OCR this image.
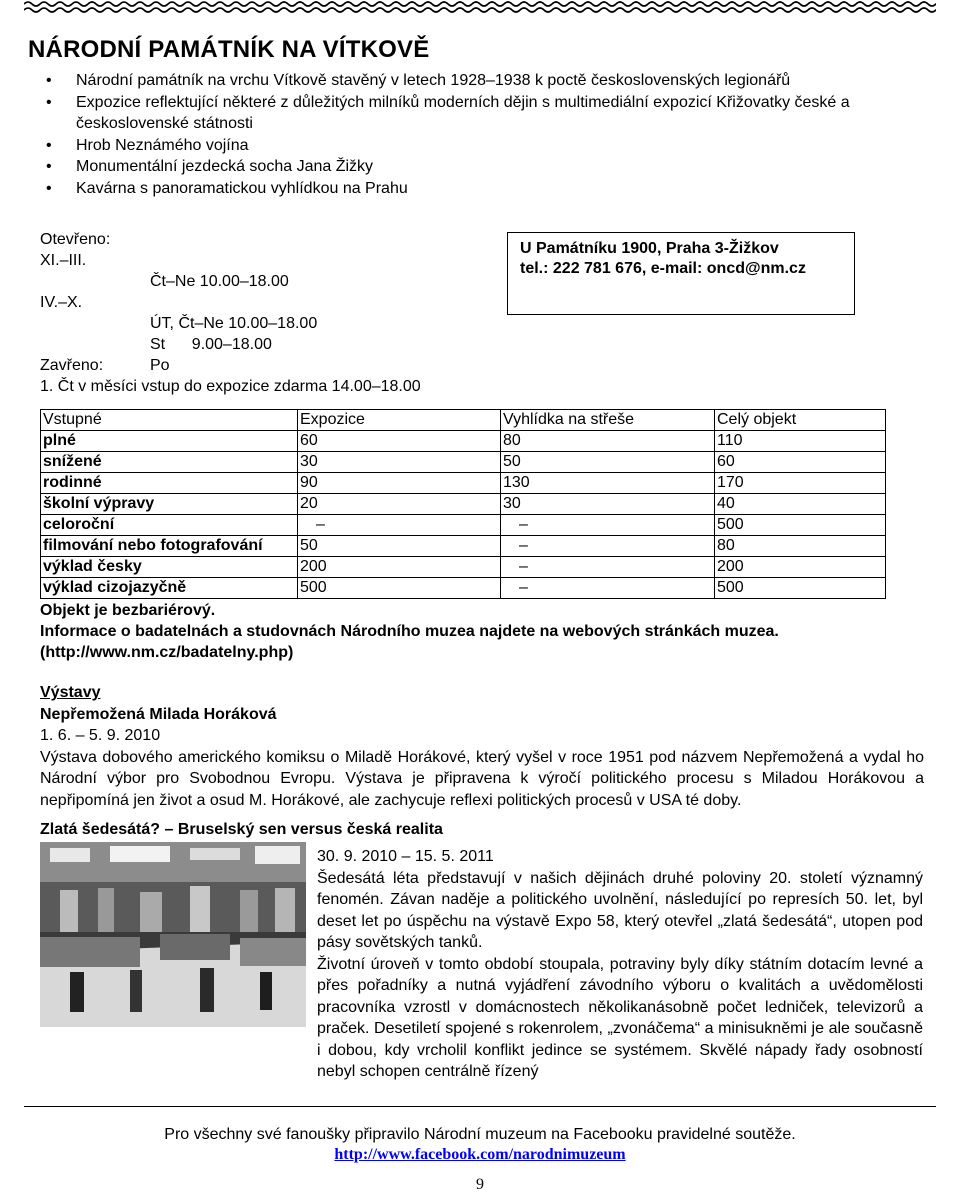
NÁRODNÍ PAMÁTNÍK NA VÍTKOVĚ
• Národní památník na vrchu Vítkově stavěný v letech 1928–1938 k poctě československých legionářů
• Expozice reflektující některé z důležitých milníků moderních dějin s multimediální expozicí Křižovatky české a československé státnosti
• Hrob Neznámého vojína
• Monumentální jezdecká socha Jana Žižky
• Kavárna s panoramatickou vyhlídkou na Prahu
Otevřeno:
XI.–III.
Čt–Ne 10.00–18.00
IV.–X.
ÚT, Čt–Ne 10.00–18.00
St      9.00–18.00
Zavřeno:	Po
1. Čt v měsíci vstup do expozice zdarma 14.00–18.00
U Památníku 1900, Praha 3-Žižkov
tel.: 222 781 676, e-mail: oncd@nm.cz
Vstupné	Expozice	Vyhlídka na střeše	Celý objekt
plné	60	80	110
snížené	30	50	60
rodinné	90	130	170
školní výpravy	20	30	40
celoroční	–	–	500
filmování nebo fotografování	50	–	80
výklad česky	200	–	200
výklad cizojazyčně	500	–	500
Objekt je bezbariérový.
Informace o badatelnách a studovnách Národního muzea najdete na webových stránkách muzea.
(http://www.nm.cz/badatelny.php)
Výstavy
Nepřemožená Milada Horáková
1. 6. – 5. 9. 2010
Výstava dobového amerického komiksu o Miladě Horákové, který vyšel v roce 1951 pod názvem Nepřemožená a vydal ho Národní výbor pro Svobodnou Evropu. Výstava je připravena k výročí politického procesu s Miladou Horákovou a nepřipomíná jen život a osud M. Horákové, ale zachycuje reflexi politických procesů v USA té doby.
Zlatá šedesátá? – Bruselský sen versus česká realita
30. 9. 2010 – 15. 5. 2011
Šedesátá léta představují v našich dějinách druhé poloviny 20. století významný fenomén. Závan naděje a politického uvolnění, následující po represích 50. let, byl deset let po úspěchu na výstavě Expo 58, který otevřel „zlatá šedesátá“, utopen pod pásy sovětských tanků.
Životní úroveň v tomto období stoupala, potraviny byly díky státním dotacím levné a přes pořadníky a nutná vyjádření závodního výboru o kvalitách a uvědomělosti pracovníka vzrostl v domácnostech několikanásobně počet ledniček, televizorů a praček. Desetiletí spojené s rokenrolem, „zvonáčema“ a minisukněmi je ale současně i dobou, kdy vrcholil konflikt jedince se systémem. Skvělé nápady řady osobností nebyl schopen centrálně řízený
Pro všechny své fanoušky připravilo Národní muzeum na Facebooku pravidelné soutěže.
http://www.facebook.com/narodnimuzeum
9
